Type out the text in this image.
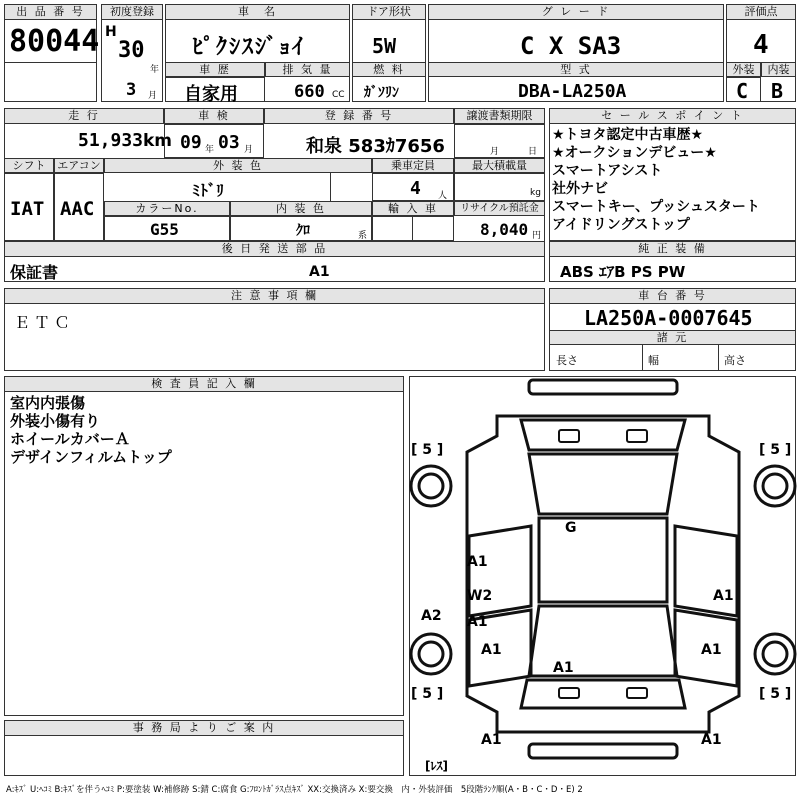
出 品 番 号
80044
初度登録
H
30
年
3 月
車　名
ﾋﾟｸｼｽｼﾞｮｲ
車 歴	排 気 量
自家用	660 CC
ドア形状
5W
燃 料
ｶﾞｿﾘﾝ
グ レ ー ド
C X SA3
型 式
DBA-LA250A
評価点
4
外装	内装
C B
走 行
51,933 km
車 検
09 年 03 月
登 録 番 号
和泉 583ｶ7656
譲渡書類期限
月	日
シフト	エアコン
IAT AAC
外 装 色
ﾐﾄﾞﾘ
乗車定員
4 人
最大積載量
kg
カラーNo.	内 装 色	輸 入 車	リサイクル預託金
G55	ｸﾛ	系	8,040 円
後 日 発 送 部 品
保証書
セ ー ル ス ポ イ ン ト
★トヨタ認定中古車歴★
★オークションデビュー★
スマートアシスト
社外ナビ
スマートキー、プッシュスタート
アイドリングストップ
純 正 装 備
ABS ｴｱB PS PW
注 意 事 項 欄
ＥＴＣ
車 台 番 号
LA250A-0007645
諸 元
長さ	幅	高さ
検 査 員 記 入 欄
室内内張傷
外装小傷有り
ホイールカバーＡ
デザインフィルムトップ
事 務 局 よ り ご 案 内
[ 5 ]	[ 5 ]
[ 5 ]	[ 5 ]
G
A1
W2
A1
A1
A2
A1
A1
A1
A1	A1
A1
[ﾚｽ]
A:ｷｽﾞ U:ﾍｺﾐ B:ｷｽﾞを伴うﾍｺﾐ P:要塗装 W:補修跡 S:錆 C:腐食 G:ﾌﾛﾝﾄｶﾞﾗｽ点ｷｽﾞ XX:交換済み X:要交換　内・外装評価　5段階ﾗﾝｸ順(A・B・C・D・E) 2
